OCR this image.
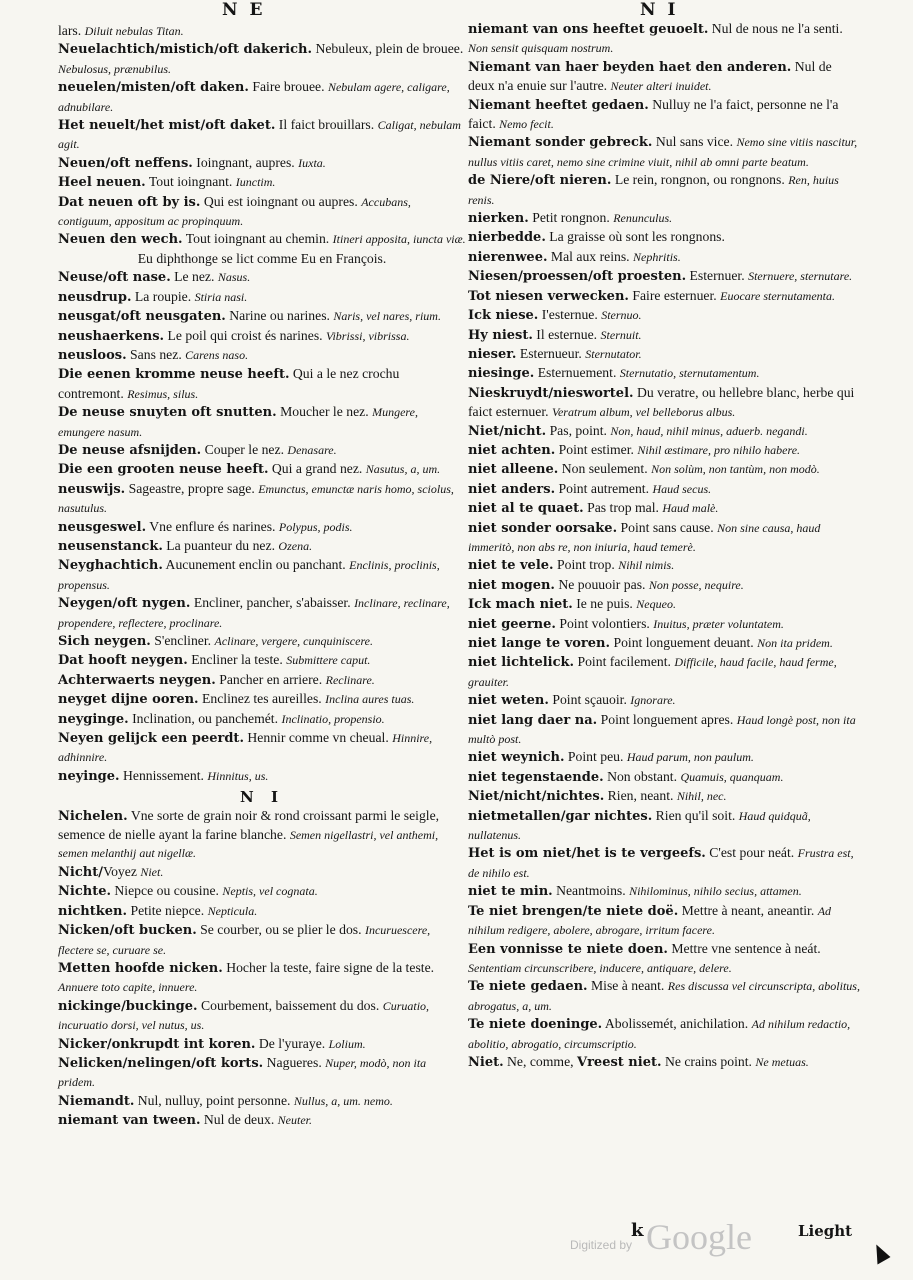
N E	N I

lars. Diluit nebulas Titan.

Neuelachtich/mistich/oft dakerich. Nebuleux, plein de brouee. Nebulosus, prænubilus.

neuelen/misten/oft daken. Faire brouee. Nebulam agere, caligare, adnubilare.

Het neuelt/het mist/oft daket. Il faict brouillars. Caligat, nebulam agit.

Neuen/oft neffens. Ioingnant, aupres. Iuxta.

Heel neuen. Tout ioingnant. Iunctim.

Dat neuen oft by is. Qui est ioingnant ou aupres. Accubans, contiguum, appositum ac propinquum.

Neuen den wech. Tout ioingnant au chemin. Itineri apposita, iuncta viæ.

Eu diphthonge se lict comme Eu en François.

Neuse/oft nase. Le nez. Nasus.

neusdrup. La roupie. Stiria nasi.

neusgat/oft neusgaten. Narine ou narines. Naris, vel nares, rium.

neushaerkens. Le poil qui croist és narines. Vibrissi, vibrissa.

neusloos. Sans nez. Carens naso.

Die eenen kromme neuse heeft. Qui a le nez crochu contremont. Resimus, silus.

De neuse snuyten oft snutten. Moucher le nez. Mungere, emungere nasum.

De neuse afsnijden. Couper le nez. Denasare.

Die een grooten neuse heeft. Qui a grand nez. Nasutus, a, um.

neuswijs. Sageastre, propre sage. Emunctus, emunctæ naris homo, sciolus, nasutulus.

neusgeswel. Vne enflure és narines. Polypus, podis.

neusenstanck. La puanteur du nez. Ozena.

Neyghachtich. Aucunement enclin ou panchant. Enclinis, proclinis, propensus.

Neygen/oft nygen. Encliner, pancher, s'abaisser. Inclinare, reclinare, propendere, reflectere, proclinare.

Sich neygen. S'encliner. Aclinare, vergere, cunquiniscere.

Dat hooft neygen. Encliner la teste. Submittere caput.

Achterwaerts neygen. Pancher en arriere. Reclinare.

neyget dijne ooren. Enclinez tes aureilles. Inclina aures tuas.

neyginge. Inclination, ou panchemét. Inclinatio, propensio.

Neyen gelijck een peerdt. Hennir comme vn cheual. Hinnire, adhinnire.

neyinge. Hennissement. Hinnitus, us.

N I

Nichelen. Vne sorte de grain noir & rond croissant parmi le seigle, semence de nielle ayant la farine blanche. Semen nigellastri, vel anthemi, semen melanthij aut nigellæ.

Nicht/Voyez Niet.

Nichte. Niepce ou cousine. Neptis, vel cognata.

nichtken. Petite niepce. Nepticula.

Nicken/oft bucken. Se courber, ou se plier le dos. Incuruescere, flectere se, curuare se.

Metten hoofde nicken. Hocher la teste, faire signe de la teste. Annuere toto capite, innuere.

nickinge/buckinge. Courbement, baissement du dos. Curuatio, incuruatio dorsi, vel nutus, us.

Nicker/onkrupdt int koren. De l'yuraye. Lolium.

Nelicken/nelingen/oft korts. Nagueres. Nuper, modò, non ita pridem.

Niemandt. Nul, nulluy, point personne. Nullus, a, um. nemo.

niemant van tween. Nul de deux. Neuter.

niemant van ons heeftet geuoelt. Nul de nous ne l'a senti. Non sensit quisquam nostrum.

Niemant van haer beyden haet den anderen. Nul de deux n'a enuie sur l'autre. Neuter alteri inuidet.

Niemant heeftet gedaen. Nulluy ne l'a faict, personne ne l'a faict. Nemo fecit.

Niemant sonder gebreck. Nul sans vice. Nemo sine vitiis nascitur, nullus vitiis caret, nemo sine crimine viuit, nihil ab omni parte beatum.

de Niere/oft nieren. Le rein, rongnon, ou rongnons. Ren, huius renis.

nierken. Petit rongnon. Renunculus.

nierbedde. La graisse où sont les rongnons.

nierenwee. Mal aux reins. Nephritis.

Niesen/proessen/oft proesten. Esternuer. Sternuere, sternutare.

Tot niesen verwecken. Faire esternuer. Euocare sternutamenta.

Ick niese. I'esternue. Sternuo.

Hy niest. Il esternue. Sternuit.

nieser. Esternueur. Sternutator.

niesinge. Esternuement. Sternutatio, sternutamentum.

Nieskruydt/nieswortel. Du veratre, ou hellebre blanc, herbe qui faict esternuer. Veratrum album, vel belleborus albus.

Niet/nicht. Pas, point. Non, haud, nihil minus, aduerb. negandi.

niet achten. Point estimer. Nihil æstimare, pro nihilo habere.

niet alleene. Non seulement. Non solùm, non tantùm, non modò.

niet anders. Point autrement. Haud secus.

niet al te quaet. Pas trop mal. Haud malè.

niet sonder oorsake. Point sans cause. Non sine causa, haud immeritò, non abs re, non iniuria, haud temerè.

niet te vele. Point trop. Nihil nimis.

niet mogen. Ne pouuoir pas. Non posse, nequire.

Ick mach niet. Ie ne puis. Nequeo.

niet geerne. Point volontiers. Inuitus, præter voluntatem.

niet lange te voren. Point longuement deuant. Non ita pridem.

niet lichtelick. Point facilement. Difficile, haud facile, haud ferme, grauiter.

niet weten. Point sçauoir. Ignorare.

niet lang daer na. Point longuement apres. Haud longè post, non ita multò post.

niet weynich. Point peu. Haud parum, non paulum.

niet tegenstaende. Non obstant. Quamuis, quanquam.

Niet/nicht/nichtes. Rien, neant. Nihil, nec.

nietmetallen/gar nichtes. Rien qu'il soit. Haud quidquã, nullatenus.

Het is om niet/het is te vergeefs. C'est pour neát. Frustra est, de nihilo est.

niet te min. Neantmoins. Nihilominus, nihilo secius, attamen.

Te niet brengen/te niete doë. Mettre à neant, aneantir. Ad nihilum redigere, abolere, abrogare, irritum facere.

Een vonnisse te niete doen. Mettre vne sentence à neát. Sententiam circunscribere, inducere, antiquare, delere.

Te niete gedaen. Mise à neant. Res discussa vel circunscripta, abolitus, abrogatus, a, um.

Te niete doeninge. Abolissemét, anichilation. Ad nihilum redactio, abolitio, abrogatio, circumscriptio.

Niet. Ne, comme, Vreest niet. Ne crains point. Ne metuas.

k	Lieght
Digitized by Google
